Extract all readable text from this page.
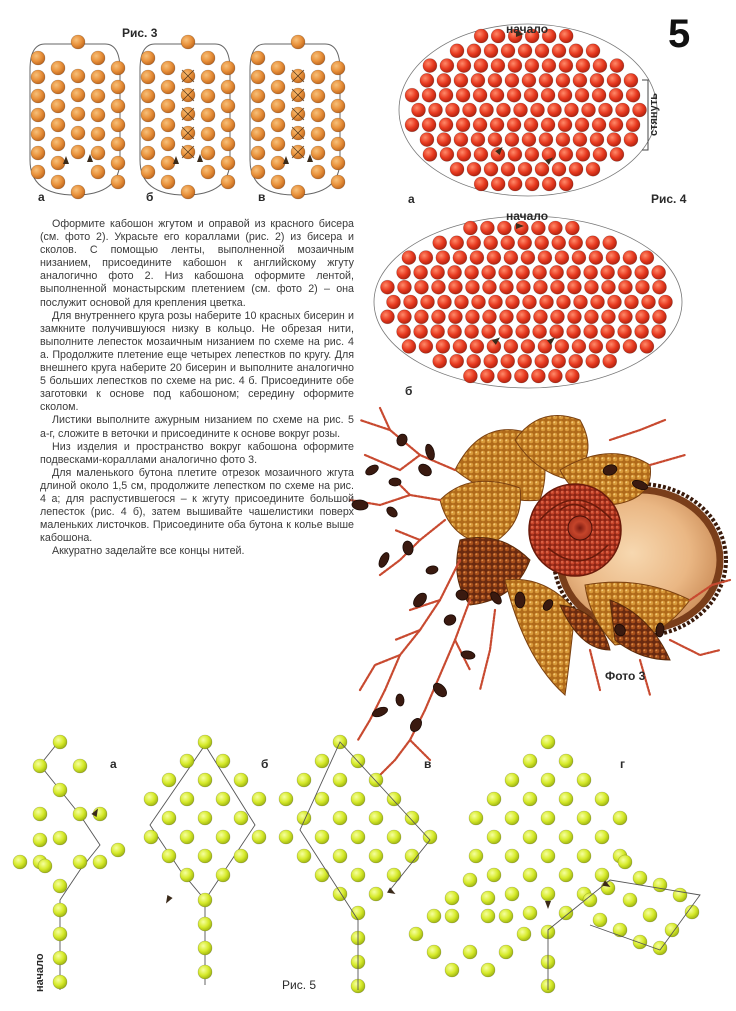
5
Рис. 3
а	б	в
начало
стянуть
а	Рис. 4
начало
б
Фото 3

Оформите кабошон жгутом и оправой из красного бисера (см. фото 2). Украсьте его кораллами (рис. 2) из бисера и сколов. С помощью ленты, выполненной мозаичным низанием, присоедините кабошон к английскому жгуту аналогично фото 2. Низ кабошона оформите лентой, выполненной монастырским плетением (см. фото 2) – она послужит основой для крепления цветка.

Для внутреннего круга розы наберите 10 красных бисерин и замкните получившуюся низку в кольцо. Не обрезая нити, выполните лепесток мозаичным низанием по схеме на рис. 4 а. Продолжите плетение еще четырех лепестков по кругу. Для внешнего круга наберите 20 бисерин и выполните аналогично 5 больших лепестков по схеме на рис. 4 б. Присоедините обе заготовки к основе под кабошоном; середину оформите сколом.

Листики выполните ажурным низанием по схеме на рис. 5 а-г, сложите в веточки и присоедините к основе вокруг розы.

Низ изделия и пространство вокруг кабошона оформите подвесками-кораллами аналогично фото 3.

Для маленького бутона плетите отрезок мозаичного жгута длиной около 1,5 см, продолжите лепестком по схеме на рис. 4 а; для распустившегося – к жгуту присоедините большой лепесток (рис. 4 б), затем вышивайте чашелистики поверх маленьких листочков. Присоедините оба бутона к колье выше кабошона.

Аккуратно заделайте все концы нитей.

а	б	в	г
начало	Рис. 5
